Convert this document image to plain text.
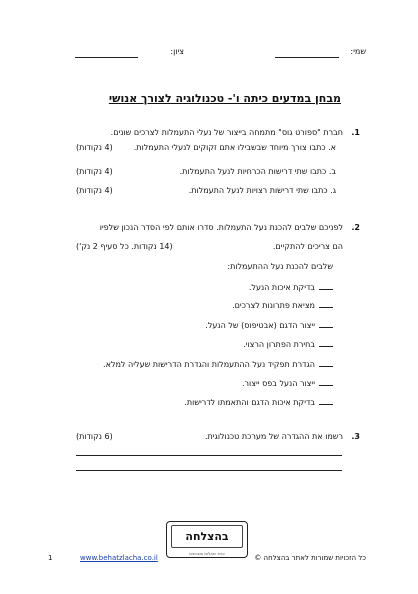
שמי:
ציון:
מבחן במדעים כיתה ו'- טכנולוגיה לצורך אנושי
1.
חברת "ספורט גוס" מתמחה בייצור של נעלי התעמלות לצרכים שונים.
א. כתבו צורך מיוחד שבשבילו אתם זקוקים לנעלי התעמלות.
(4 נקודות)
ב. כתבו שתי דרישות הכרחיות לנעל התעמלות.
(4 נקודות)
ג. כתבו שתי דרישות רצויות לנעל התעמלות.
(4 נקודות)
2.
לפניכם שלבים להכנת נעל התעמלות. סדרו אותם לפי הסדר הנכון שלפיו
הם צריכים להתקיים.
(14 נקודות. כל סעיף 2 נק')
שלבים להכנת נעל ההתעמלות:
בדיקת איכות הנעל.
מציאת פתרונות לצרכים.
ייצור הדגם (אבטיפוס) של הנעל.
בחירת הפתרון הרצוי.
הגדרת תפקיד נעל ההתעמלות והגדרת הדרישות שעליה למלא.
ייצור הנעל בפס ייצור.
בדיקת איכות הדגם והתאמתו לדרישות.
3.
רשמו את ההגדרה של מערכת טכנולוגית.
(6 נקודות)
בהצלחה
אתר שאלות ומבחנים
1	www.behatzlacha.co.il	כל הזכויות שמורות לאתר בהצלחה ©
